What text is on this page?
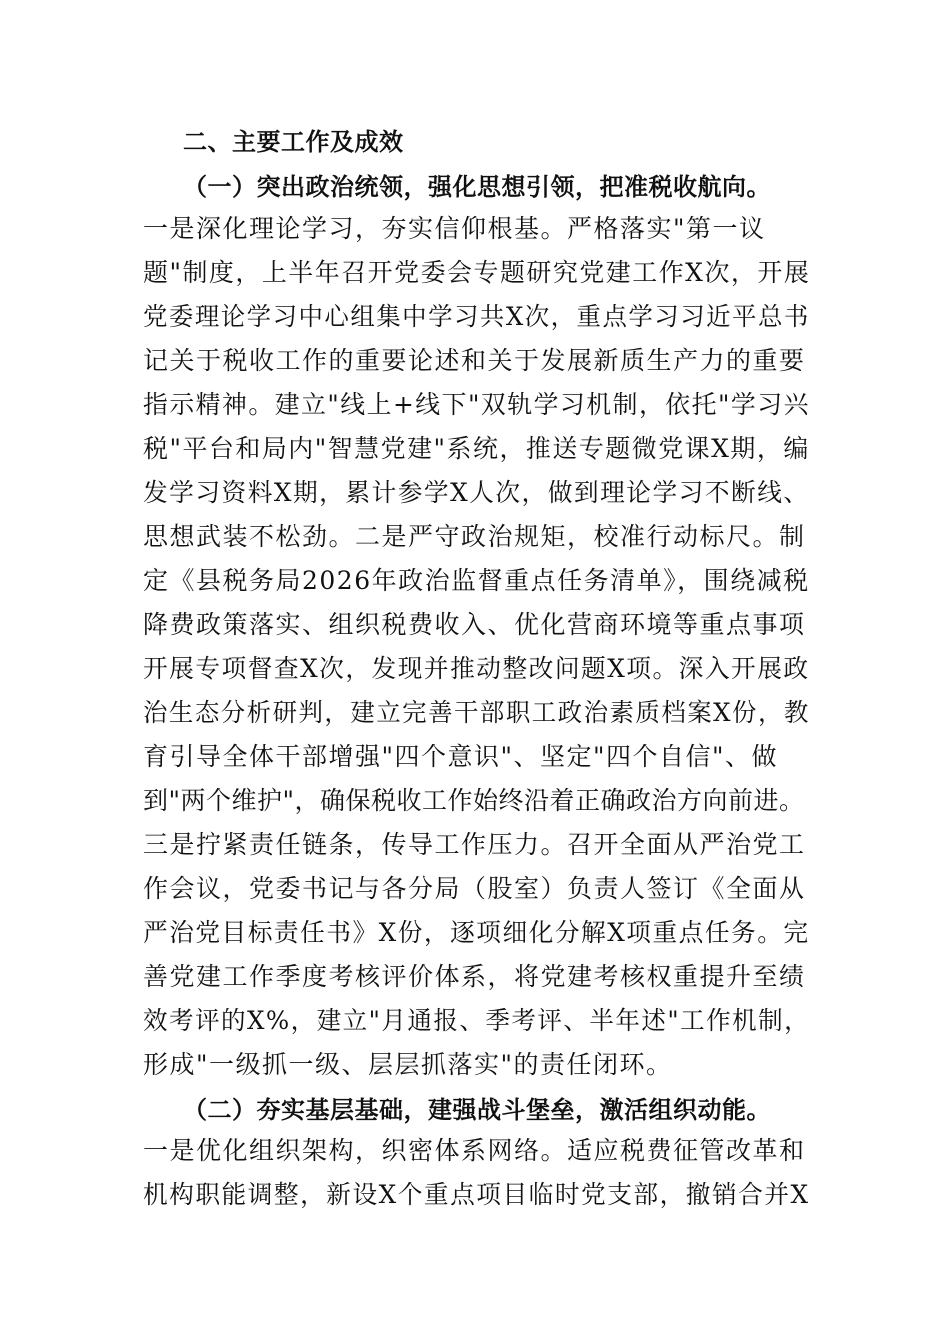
二、主要工作及成效
（一）突出政治统领，强化思想引领，把准税收航向。
一是深化理论学习，夯实信仰根基。严格落实"第一议
题"制度，上半年召开党委会专题研究党建工作X次，开展
党委理论学习中心组集中学习共X次，重点学习习近平总书
记关于税收工作的重要论述和关于发展新质生产力的重要
指示精神。建立"线上+线下"双轨学习机制，依托"学习兴
税"平台和局内"智慧党建"系统，推送专题微党课X期，编
发学习资料X期，累计参学X人次，做到理论学习不断线、
思想武装不松劲。二是严守政治规矩，校准行动标尺。制
定《县税务局2026年政治监督重点任务清单》，围绕减税
降费政策落实、组织税费收入、优化营商环境等重点事项
开展专项督查X次，发现并推动整改问题X项。深入开展政
治生态分析研判，建立完善干部职工政治素质档案X份，教
育引导全体干部增强"四个意识"、坚定"四个自信"、做
到"两个维护"，确保税收工作始终沿着正确政治方向前进。
三是拧紧责任链条，传导工作压力。召开全面从严治党工
作会议，党委书记与各分局（股室）负责人签订《全面从
严治党目标责任书》X份，逐项细化分解X项重点任务。完
善党建工作季度考核评价体系，将党建考核权重提升至绩
效考评的X%，建立"月通报、季考评、半年述"工作机制，
形成"一级抓一级、层层抓落实"的责任闭环。
（二）夯实基层基础，建强战斗堡垒，激活组织动能。
一是优化组织架构，织密体系网络。适应税费征管改革和
机构职能调整，新设X个重点项目临时党支部，撤销合并X
